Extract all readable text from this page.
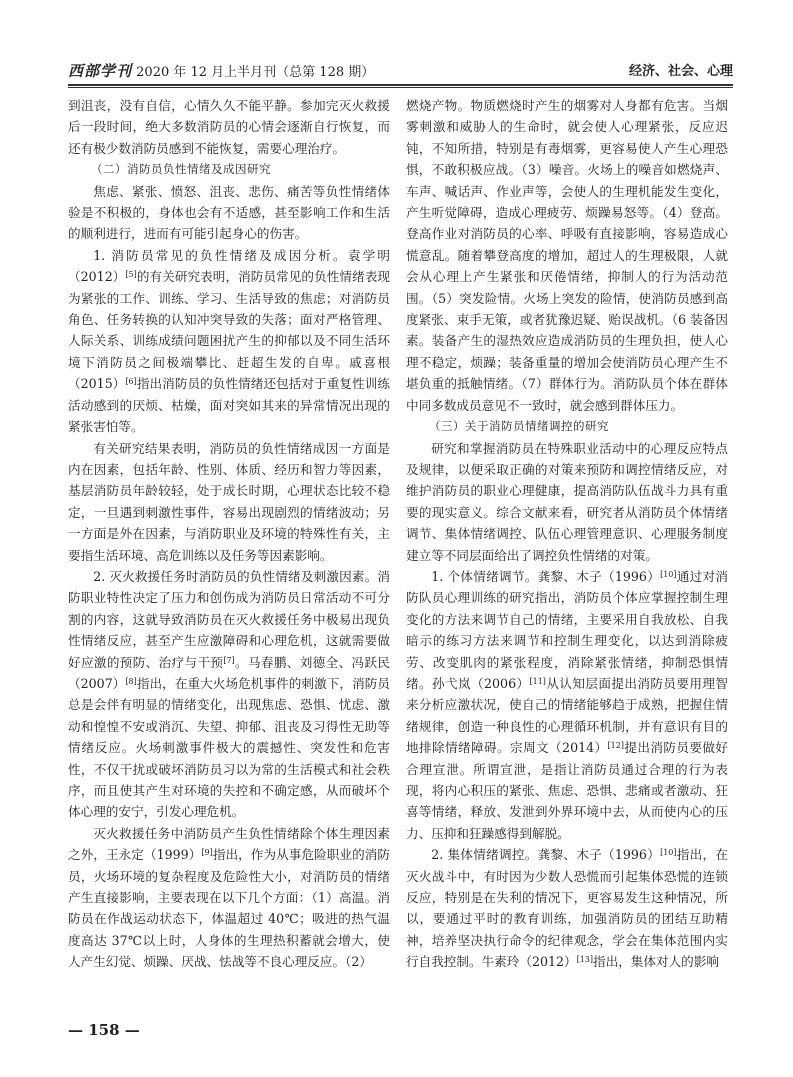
西部学刊 2020 年 12 月上半月刊（总第 128 期）	经济、社会、心理

到沮丧，没有自信，心情久久不能平静。参加完灭火救援后一段时间，绝大多数消防员的心情会逐渐自行恢复，而还有极少数消防员感到不能恢复，需要心理治疗。

（二）消防员负性情绪及成因研究

焦虑、紧张、愤怒、沮丧、悲伤、痛苦等负性情绪体验是不积极的，身体也会有不适感，甚至影响工作和生活的顺利进行，进而有可能引起身心的伤害。

1. 消防员常见的负性情绪及成因分析。袁学明（2012）[5]的有关研究表明，消防员常见的负性情绪表现为紧张的工作、训练、学习、生活导致的焦虑；对消防员角色、任务转换的认知冲突导致的失落；面对严格管理、人际关系、训练成绩问题困扰产生的抑郁以及不同生活环境下消防员之间极端攀比、赶超生发的自卑。戚喜根（2015）[6]指出消防员的负性情绪还包括对于重复性训练活动感到的厌烦、枯燥，面对突如其来的异常情况出现的紧张害怕等。

有关研究结果表明，消防员的负性情绪成因一方面是内在因素，包括年龄、性别、体质、经历和智力等因素，基层消防员年龄较轻，处于成长时期，心理状态比较不稳定，一旦遇到刺激性事件，容易出现剧烈的情绪波动；另一方面是外在因素，与消防职业及环境的特殊性有关，主要指生活环境、高危训练以及任务等因素影响。

2. 灭火救援任务时消防员的负性情绪及刺激因素。消防职业特性决定了压力和创伤成为消防员日常活动不可分割的内容，这就导致消防员在灭火救援任务中极易出现负性情绪反应，甚至产生应激障碍和心理危机，这就需要做好应激的预防、治疗与干预[7]。马春鹏、刘德全、冯跃民（2007）[8]指出，在重大火场危机事件的刺激下，消防员总是会伴有明显的情绪变化，出现焦虑、恐惧、忧虑、激动和惶惶不安或消沉、失望、抑郁、沮丧及习得性无助等情绪反应。火场刺激事件极大的震撼性、突发性和危害性，不仅干扰或破坏消防员习以为常的生活模式和社会秩序，而且使其产生对环境的失控和不确定感，从而破坏个体心理的安宁，引发心理危机。

灭火救援任务中消防员产生负性情绪除个体生理因素之外，王永定（1999）[9]指出，作为从事危险职业的消防员，火场环境的复杂程度及危险性大小，对消防员的情绪产生直接影响，主要表现在以下几个方面：（1）高温。消防员在作战运动状态下，体温超过 40℃；吸进的热气温度高达 37℃以上时，人身体的生理热积蓄就会增大，使人产生幻觉、烦躁、厌战、怯战等不良心理反应。（2）

燃烧产物。物质燃烧时产生的烟雾对人身都有危害。当烟雾刺激和威胁人的生命时，就会使人心理紧张，反应迟钝，不知所措，特别是有毒烟雾，更容易使人产生心理恐惧，不敢积极应战。（3）噪音。火场上的噪音如燃烧声、车声、喊话声、作业声等，会使人的生理机能发生变化，产生听觉障碍，造成心理疲劳、烦躁易怒等。（4）登高。登高作业对消防员的心率、呼吸有直接影响，容易造成心慌意乱。随着攀登高度的增加，超过人的生理极限，人就会从心理上产生紧张和厌倦情绪，抑制人的行为活动范围。（5）突发险情。火场上突发的险情，使消防员感到高度紧张、束手无策，或者犹豫迟疑、贻误战机。（6 装备因素。装备产生的湿热效应造成消防员的生理负担，使人心理不稳定，烦躁；装备重量的增加会使消防员心理产生不堪负重的抵触情绪。（7）群体行为。消防队员个体在群体中同多数成员意见不一致时，就会感到群体压力。

（三）关于消防员情绪调控的研究

研究和掌握消防员在特殊职业活动中的心理反应特点及规律，以便采取正确的对策来预防和调控情绪反应，对维护消防员的职业心理健康，提高消防队伍战斗力具有重要的现实意义。综合文献来看，研究者从消防员个体情绪调节、集体情绪调控、队伍心理管理意识、心理服务制度建立等不同层面给出了调控负性情绪的对策。

1. 个体情绪调节。龚黎、木子（1996）[10]通过对消防队员心理训练的研究指出，消防员个体应掌握控制生理变化的方法来调节自己的情绪，主要采用自我放松、自我暗示的练习方法来调节和控制生理变化，以达到消除疲劳、改变肌肉的紧张程度，消除紧张情绪，抑制恐惧情绪。孙弋岚（2006）[11]从认知层面提出消防员要用理智来分析应激状况，使自己的情绪能够趋于成熟，把握住情绪规律，创造一种良性的心理循环机制，并有意识有目的地排除情绪障碍。宗周文（2014）[12]提出消防员要做好合理宣泄。所谓宣泄，是指让消防员通过合理的行为表现，将内心积压的紧张、焦虑、恐惧、悲痛或者激动、狂喜等情绪，释放、发泄到外界环境中去，从而使内心的压力、压抑和狂躁感得到解脱。

2. 集体情绪调控。龚黎、木子（1996）[10]指出，在灭火战斗中，有时因为少数人恐慌而引起集体恐慌的连锁反应，特别是在失利的情况下，更容易发生这种情况，所以，要通过平时的教育训练，加强消防员的团结互助精神，培养坚决执行命令的纪律观念，学会在集体范围内实行自我控制。牛素玲（2012）[13]指出，集体对人的影响

— 158 —
